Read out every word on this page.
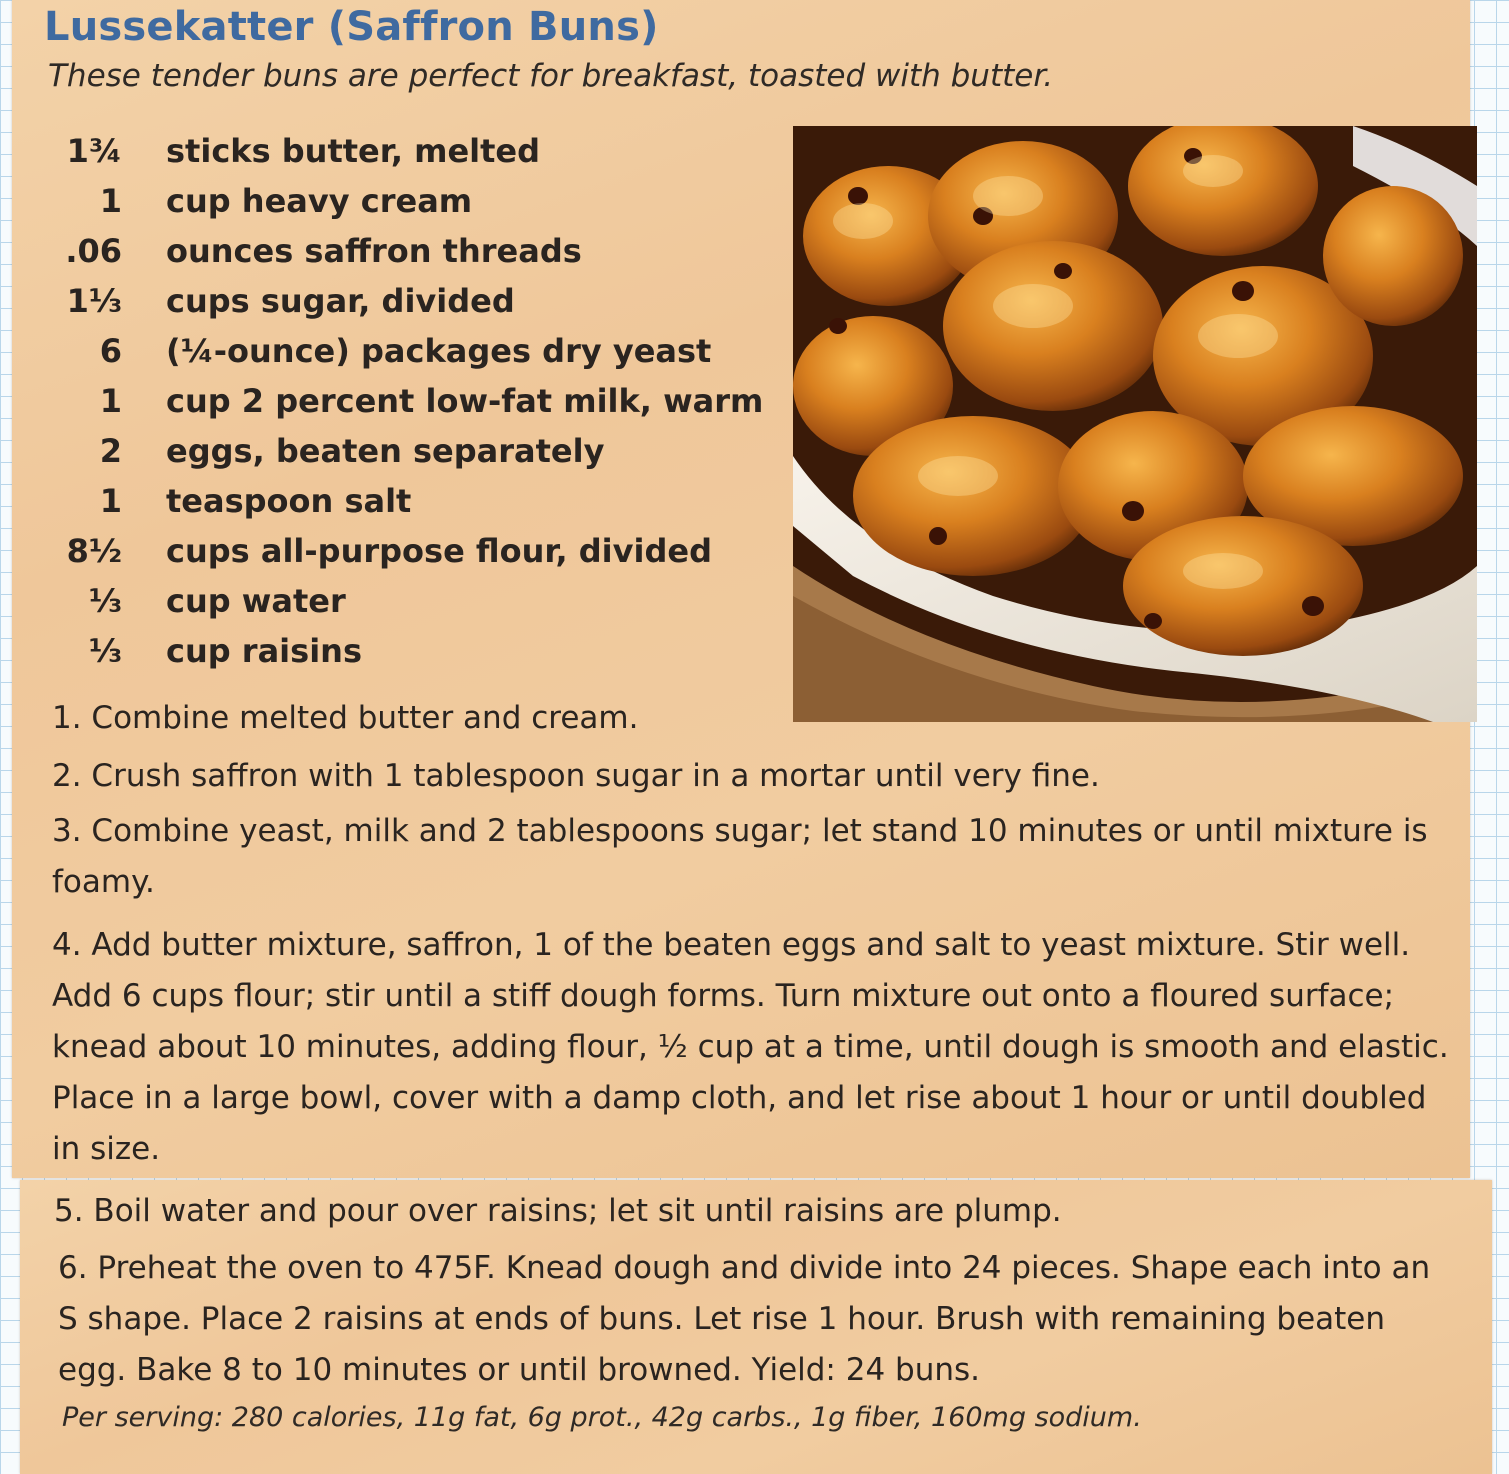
Lussekatter (Saffron Buns)

These tender buns are perfect for breakfast, toasted with butter.

1¾ sticks butter, melted
1 cup heavy cream
.06 ounces saffron threads
1⅓ cups sugar, divided
6 (¼-ounce) packages dry yeast
1 cup 2 percent low-fat milk, warm
2 eggs, beaten separately
1 teaspoon salt
8½ cups all-purpose flour, divided
⅓ cup water
⅓ cup raisins

1. Combine melted butter and cream.

2. Crush saffron with 1 tablespoon sugar in a mortar until very fine.

3. Combine yeast, milk and 2 tablespoons sugar; let stand 10 minutes or until mixture is foamy.

4. Add butter mixture, saffron, 1 of the beaten eggs and salt to yeast mixture. Stir well. Add 6 cups flour; stir until a stiff dough forms. Turn mixture out onto a floured surface; knead about 10 minutes, adding flour, ½ cup at a time, until dough is smooth and elastic. Place in a large bowl, cover with a damp cloth, and let rise about 1 hour or until doubled in size.

5. Boil water and pour over raisins; let sit until raisins are plump.

6. Preheat the oven to 475F. Knead dough and divide into 24 pieces. Shape each into an S shape. Place 2 raisins at ends of buns. Let rise 1 hour. Brush with remaining beaten egg. Bake 8 to 10 minutes or until browned. Yield: 24 buns.

Per serving: 280 calories, 11g fat, 6g prot., 42g carbs., 1g fiber, 160mg sodium.
